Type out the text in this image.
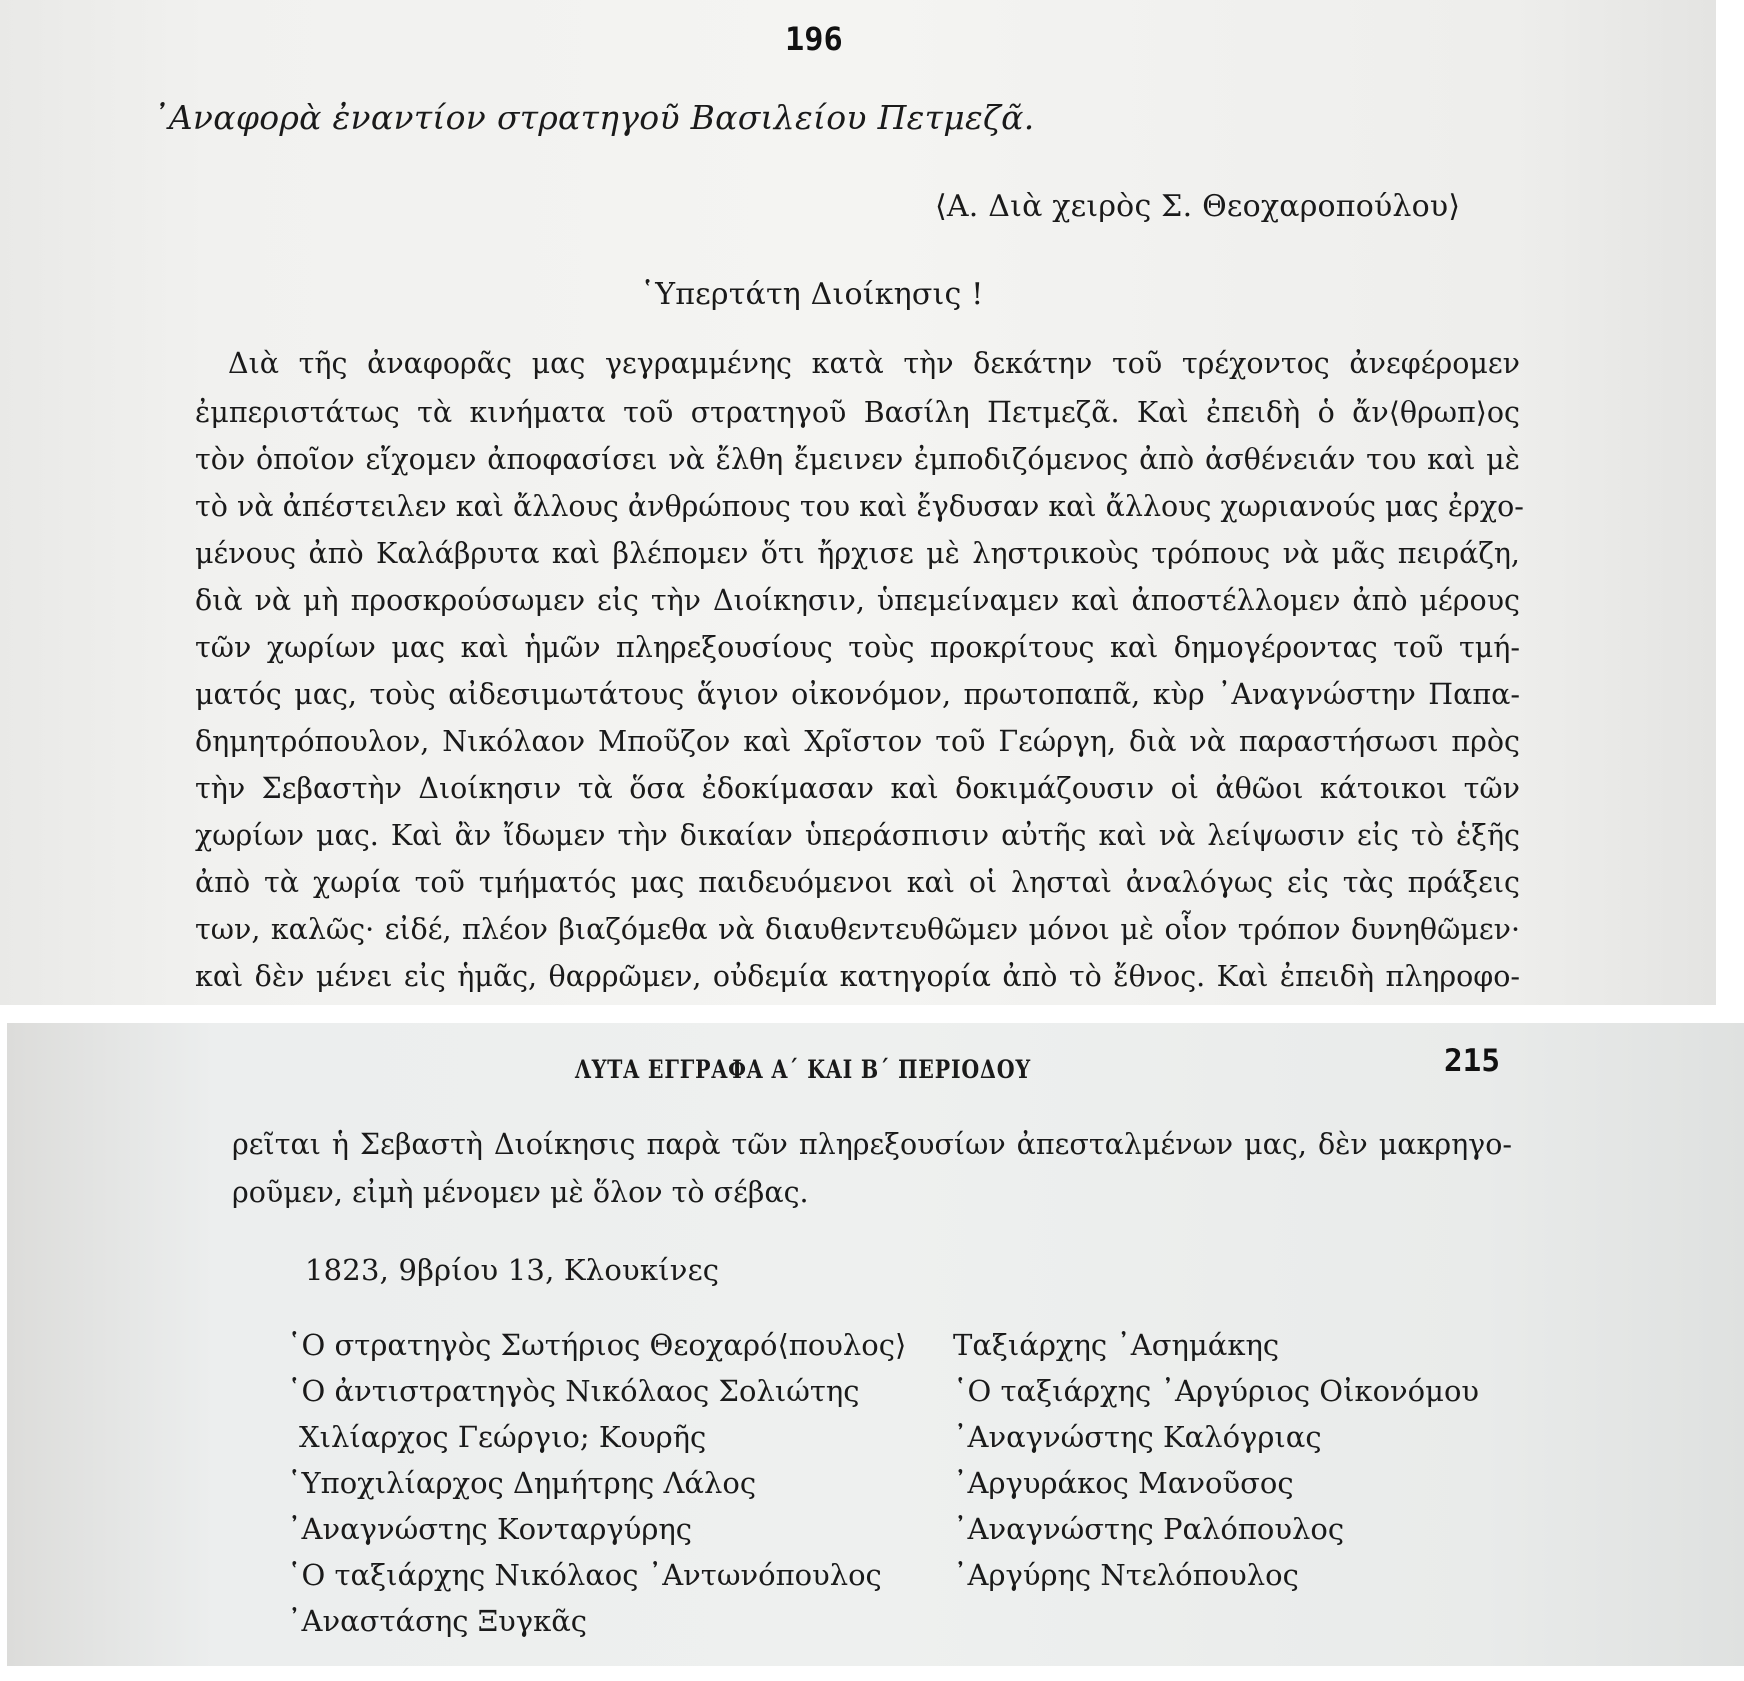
196
᾽Αναφορὰ ἐναντίον στρατηγοῦ Βασιλείου Πετμεζᾶ.
⟨Α. Διὰ χειρὸς Σ. Θεοχαροπούλου⟩
῾Υπερτάτη Διοίκησις !
Διὰ τῆς ἀναφορᾶς μας γεγραμμένης κατὰ τὴν δεκάτην τοῦ τρέχοντος ἀνεφέρομεν
ἐμπεριστάτως τὰ κινήματα τοῦ στρατηγοῦ Βασίλη Πετμεζᾶ. Καὶ ἐπειδὴ ὁ ἄν⟨θρωπ⟩ος
τὸν ὁποῖον εἴχομεν ἀποφασίσει νὰ ἔλθη ἔμεινεν ἐμποδιζόμενος ἀπὸ ἀσθένειάν του καὶ μὲ
τὸ νὰ ἀπέστειλεν καὶ ἄλλους ἀνθρώπους του καὶ ἔγδυσαν καὶ ἄλλους χωριανούς μας ἐρχο-
μένους ἀπὸ Καλάβρυτα καὶ βλέπομεν ὅτι ἤρχισε μὲ ληστρικοὺς τρόπους νὰ μᾶς πειράζη,
διὰ νὰ μὴ προσκρούσωμεν εἰς τὴν Διοίκησιν, ὑπεμείναμεν καὶ ἀποστέλλομεν ἀπὸ μέρους
τῶν χωρίων μας καὶ ἡμῶν πληρεξουσίους τοὺς προκρίτους καὶ δημογέροντας τοῦ τμή-
ματός μας, τοὺς αἰδεσιμωτάτους ἅγιον οἰκονόμον, πρωτοπαπᾶ, κὺρ ᾽Αναγνώστην Παπα-
δημητρόπουλον, Νικόλαον Μποῦζον καὶ Χρῖστον τοῦ Γεώργη, διὰ νὰ παραστήσωσι πρὸς
τὴν Σεβαστὴν Διοίκησιν τὰ ὅσα ἐδοκίμασαν καὶ δοκιμάζουσιν οἱ ἀθῶοι κάτοικοι τῶν
χωρίων μας. Καὶ ἂν ἴδωμεν τὴν δικαίαν ὑπεράσπισιν αὐτῆς καὶ νὰ λείψωσιν εἰς τὸ ἑξῆς
ἀπὸ τὰ χωρία τοῦ τμήματός μας παιδευόμενοι καὶ οἱ λησταὶ ἀναλόγως εἰς τὰς πράξεις
των, καλῶς· εἰδέ, πλέον βιαζόμεθα νὰ διαυθεντευθῶμεν μόνοι μὲ οἷον τρόπον δυνηθῶμεν·
καὶ δὲν μένει εἰς ἡμᾶς, θαρρῶμεν, οὐδεμία κατηγορία ἀπὸ τὸ ἔθνος. Καὶ ἐπειδὴ πληροφο-
ΛΥΤΑ ΕΓΓΡΑΦΑ Α΄ ΚΑΙ Β΄ ΠΕΡΙΟΔΟΥ	215
ρεῖται ἡ Σεβαστὴ Διοίκησις παρὰ τῶν πληρεξουσίων ἀπεσταλμένων μας, δὲν μακρηγο-
ροῦμεν, εἰμὴ μένομεν μὲ ὅλον τὸ σέβας.
1823, 9βρίου 13, Κλουκίνες
῾Ο στρατηγὸς Σωτήριος Θεοχαρό⟨πουλος⟩
῾Ο ἀντιστρατηγὸς Νικόλαος Σολιώτης
Χιλίαρχος Γεώργιο; Κουρῆς
῾Υποχιλίαρχος Δημήτρης Λάλος
᾽Αναγνώστης Κονταργύρης
῾Ο ταξιάρχης Νικόλαος ᾽Αντωνόπουλος
᾽Αναστάσης Ξυγκᾶς
Ταξιάρχης ᾽Ασημάκης
῾Ο ταξιάρχης ᾽Αργύριος Οἰκονόμου
᾽Αναγνώστης Καλόγριας
᾽Αργυράκος Μανοῦσος
᾽Αναγνώστης Ραλόπουλος
᾽Αργύρης Ντελόπουλος
